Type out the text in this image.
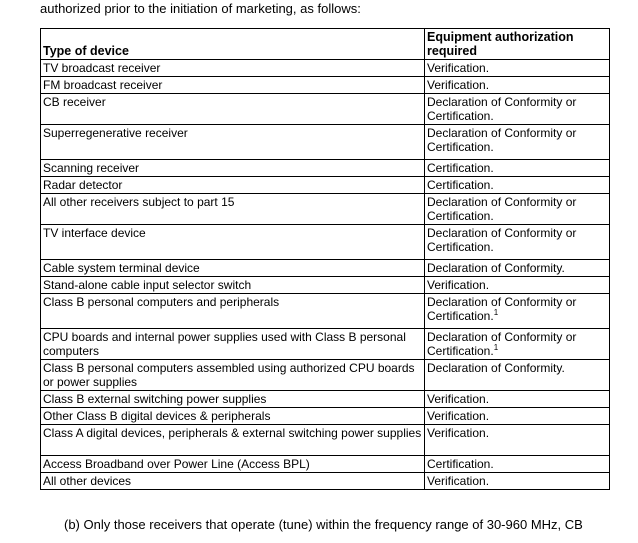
authorized prior to the initiation of marketing, as follows:
Type of device	Equipment authorization required
TV broadcast receiver	Verification.
FM broadcast receiver	Verification.
CB receiver	Declaration of Conformity or Certification.
Superregenerative receiver	Declaration of Conformity or Certification.
Scanning receiver	Certification.
Radar detector	Certification.
All other receivers subject to part 15	Declaration of Conformity or Certification.
TV interface device	Declaration of Conformity or Certification.
Cable system terminal device	Declaration of Conformity.
Stand-alone cable input selector switch	Verification.
Class B personal computers and peripherals	Declaration of Conformity or Certification.$^1$
CPU boards and internal power supplies used with Class B personal computers	Declaration of Conformity or Certification.$^1$
Class B personal computers assembled using authorized CPU boards or power supplies	Declaration of Conformity.
Class B external switching power supplies	Verification.
Other Class B digital devices & peripherals	Verification.
Class A digital devices, peripherals & external switching power supplies	Verification.
Access Broadband over Power Line (Access BPL)	Certification.
All other devices	Verification.
(b) Only those receivers that operate (tune) within the frequency range of 30-960 MHz, CB
